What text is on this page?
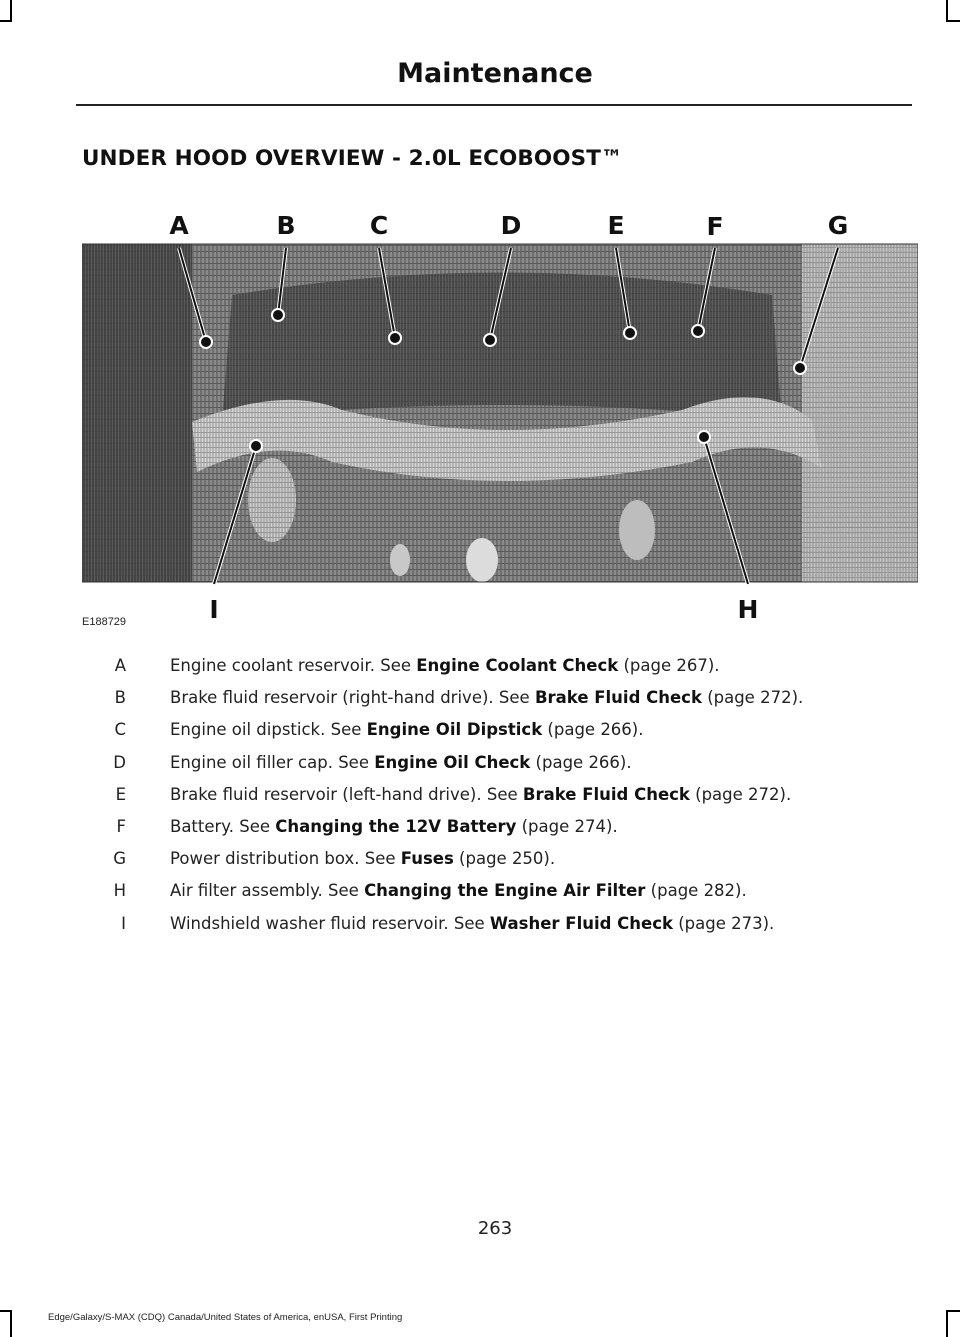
Maintenance
UNDER HOOD OVERVIEW - 2.0L ECOBOOST™
A	B	C	D	E	F	G
H
I
E188729
A	Engine coolant reservoir. See Engine Coolant Check (page 267).
B	Brake fluid reservoir (right-hand drive). See Brake Fluid Check (page 272).
C	Engine oil dipstick. See Engine Oil Dipstick (page 266).
D	Engine oil filler cap. See Engine Oil Check (page 266).
E	Brake fluid reservoir (left-hand drive). See Brake Fluid Check (page 272).
F	Battery. See Changing the 12V Battery (page 274).
G	Power distribution box. See Fuses (page 250).
H	Air filter assembly. See Changing the Engine Air Filter (page 282).
I	Windshield washer fluid reservoir. See Washer Fluid Check (page 273).
263
Edge/Galaxy/S-MAX (CDQ) Canada/United States of America, enUSA, First Printing
